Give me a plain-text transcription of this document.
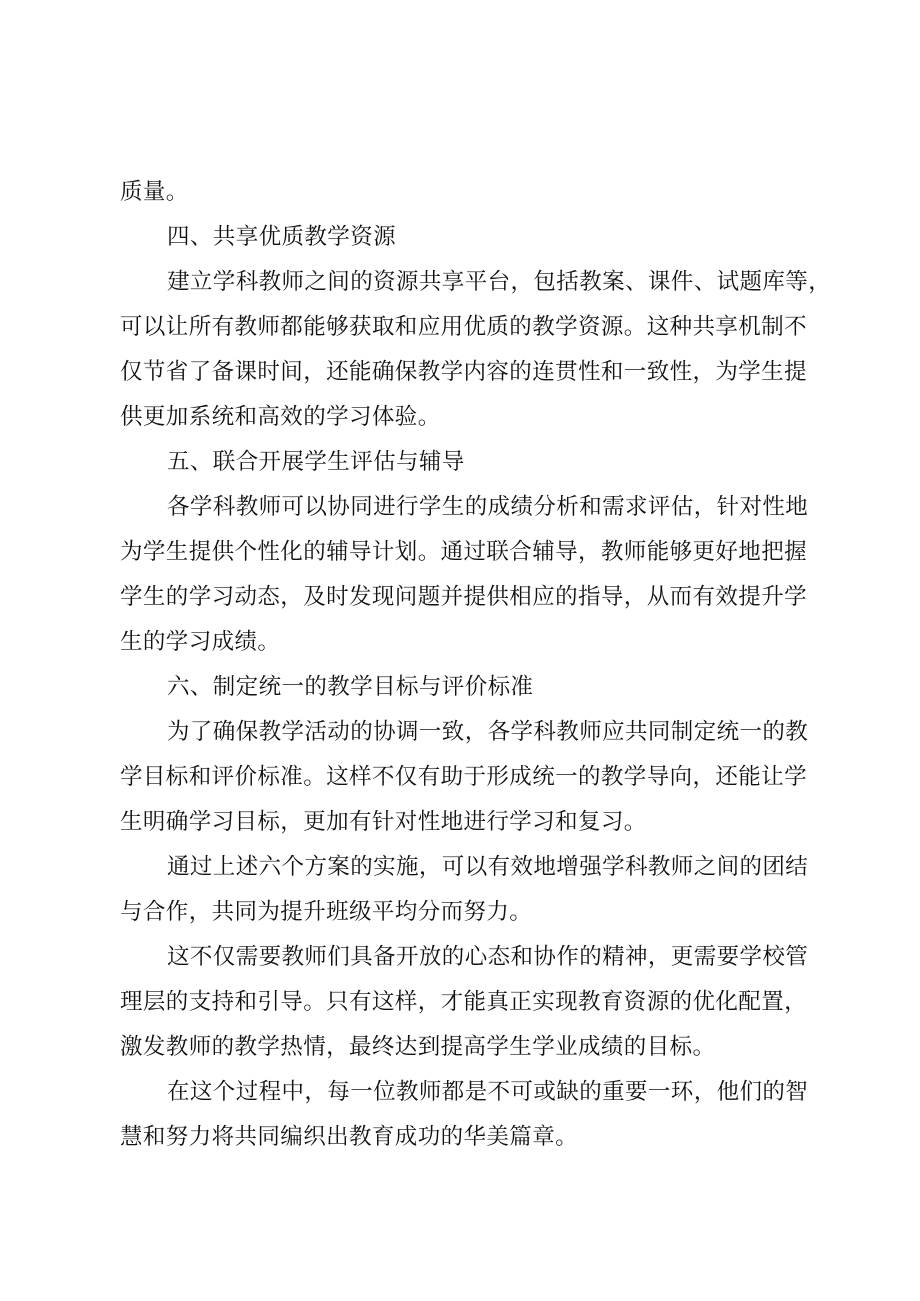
质量。

四、共享优质教学资源

建立学科教师之间的资源共享平台，包括教案、课件、试题库等，

可以让所有教师都能够获取和应用优质的教学资源。这种共享机制不

仅节省了备课时间，还能确保教学内容的连贯性和一致性，为学生提

供更加系统和高效的学习体验。

五、联合开展学生评估与辅导

各学科教师可以协同进行学生的成绩分析和需求评估，针对性地

为学生提供个性化的辅导计划。通过联合辅导，教师能够更好地把握

学生的学习动态，及时发现问题并提供相应的指导，从而有效提升学

生的学习成绩。

六、制定统一的教学目标与评价标准

为了确保教学活动的协调一致，各学科教师应共同制定统一的教

学目标和评价标准。这样不仅有助于形成统一的教学导向，还能让学

生明确学习目标，更加有针对性地进行学习和复习。

通过上述六个方案的实施，可以有效地增强学科教师之间的团结

与合作，共同为提升班级平均分而努力。

这不仅需要教师们具备开放的心态和协作的精神，更需要学校管

理层的支持和引导。只有这样，才能真正实现教育资源的优化配置，

激发教师的教学热情，最终达到提高学生学业成绩的目标。

在这个过程中，每一位教师都是不可或缺的重要一环，他们的智

慧和努力将共同编织出教育成功的华美篇章。
